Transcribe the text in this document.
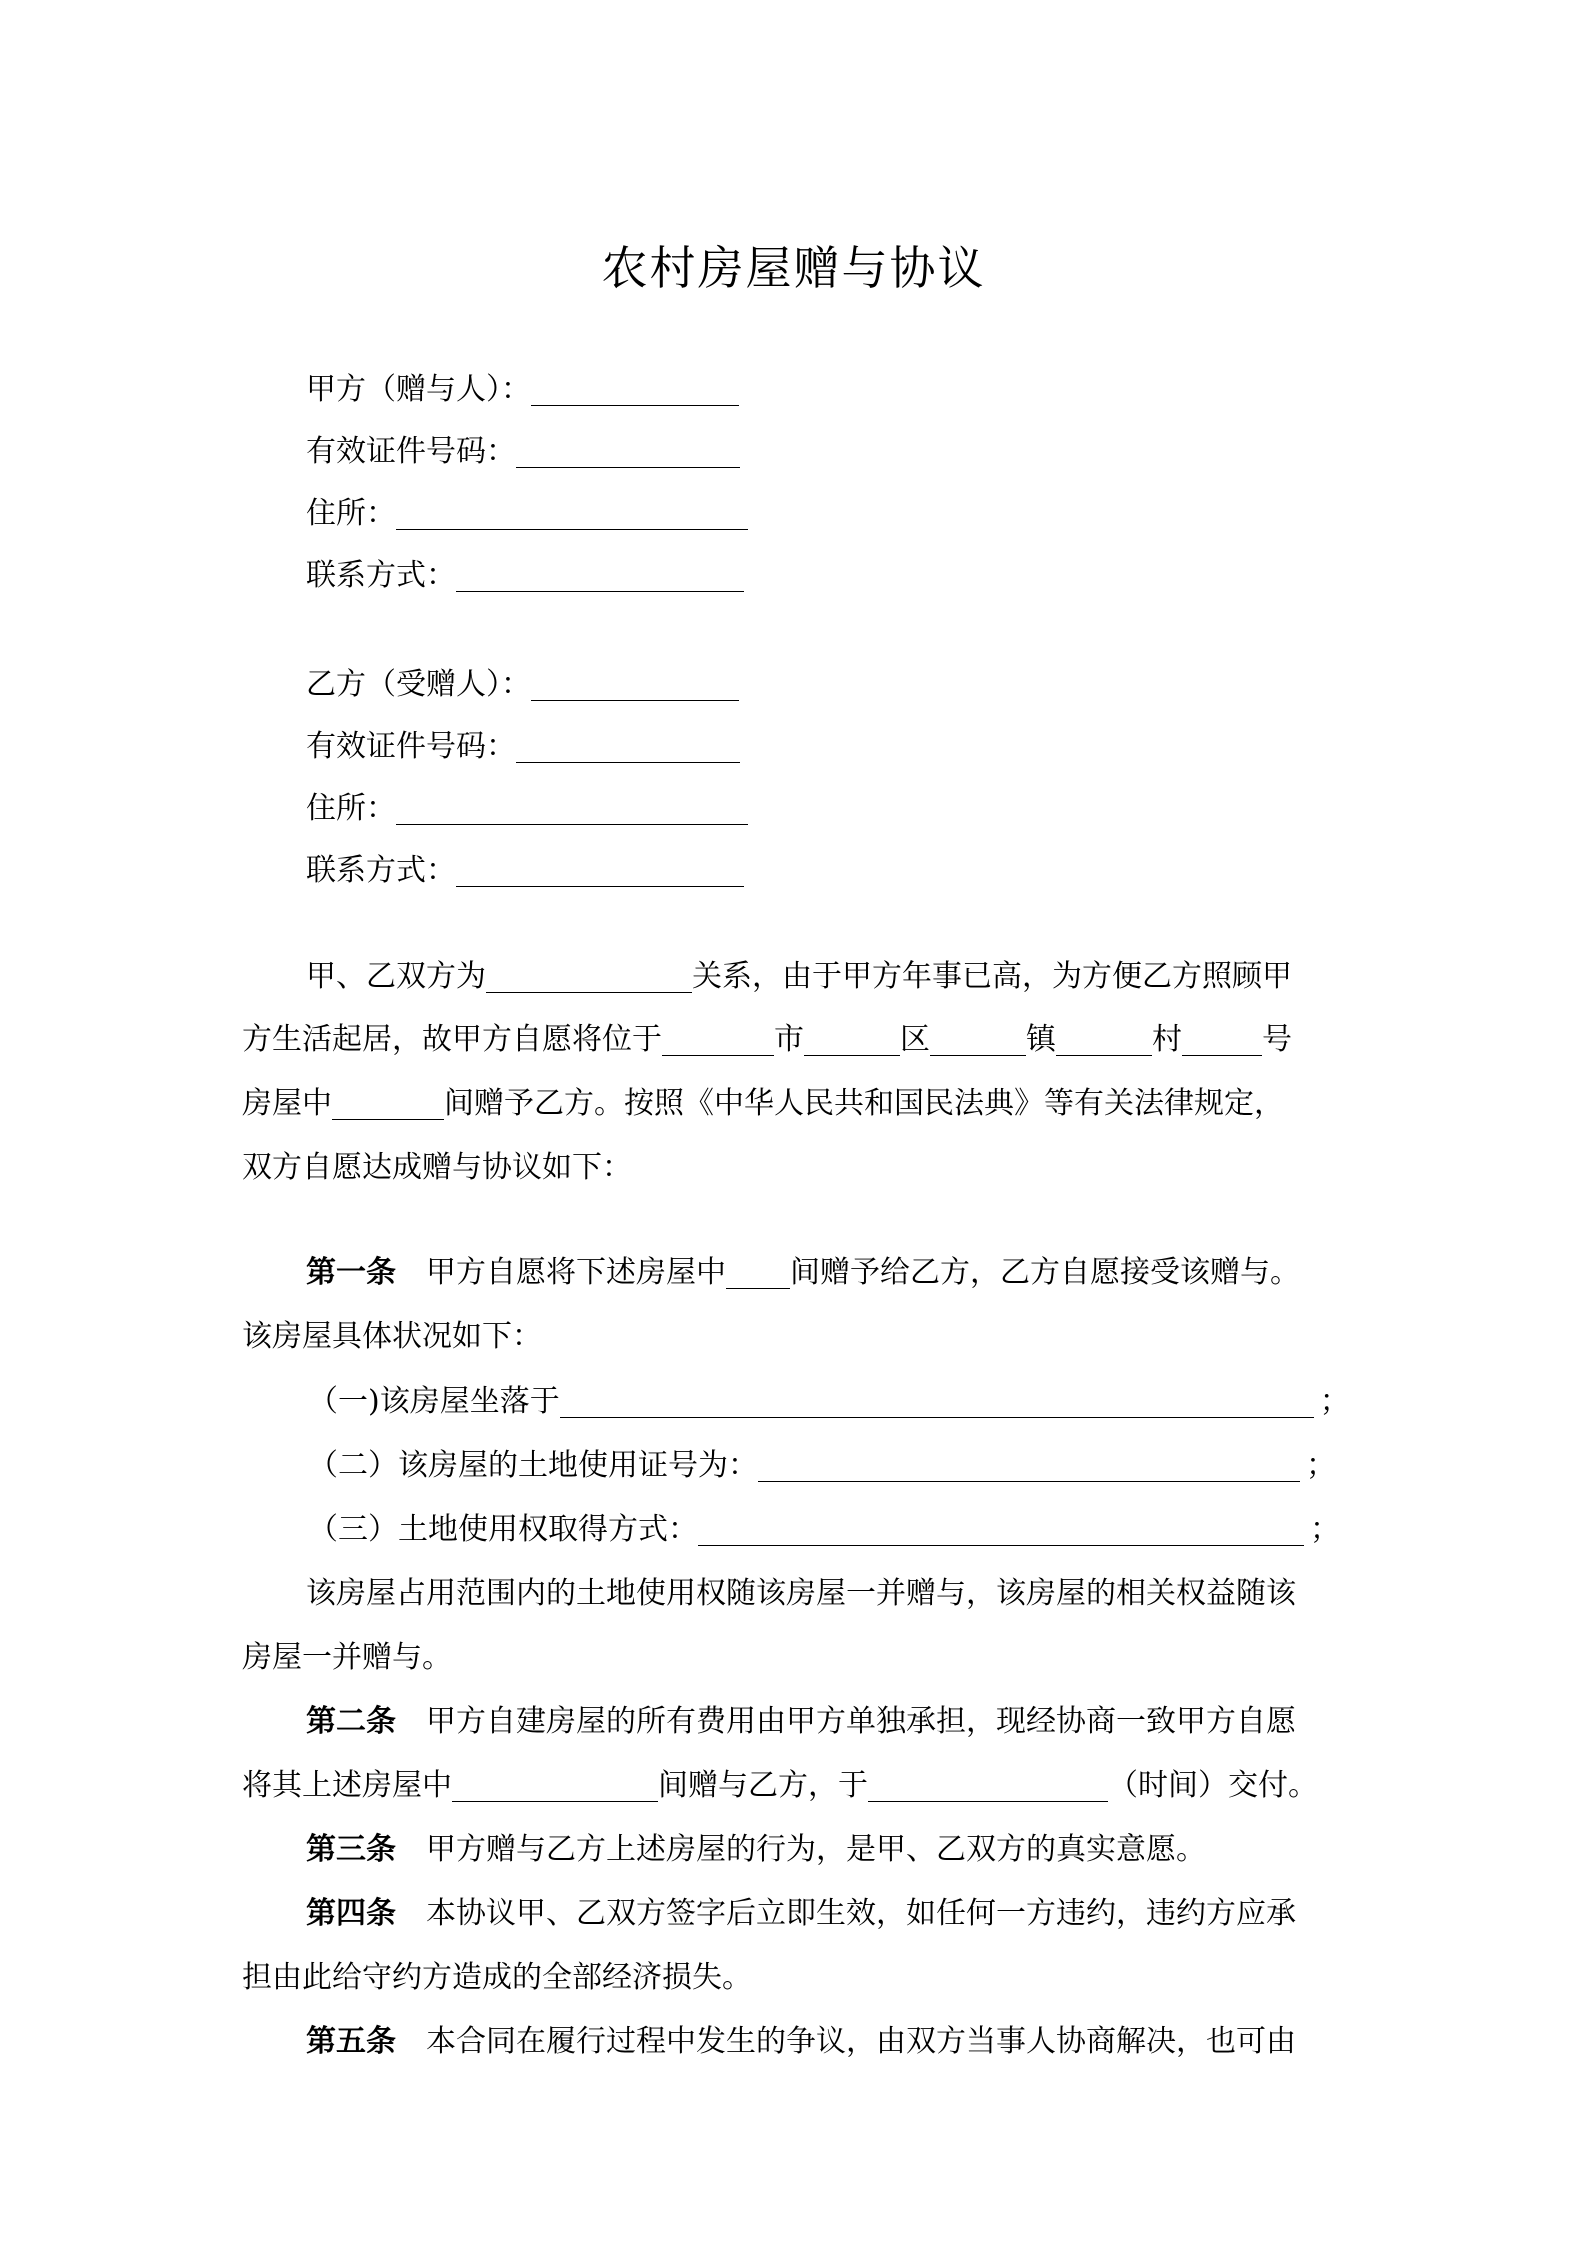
农村房屋赠与协议
甲方（赠与人）：
有效证件号码：
住所：
联系方式：
乙方（受赠人）：
有效证件号码：
住所：
联系方式：
甲、乙双方为	关系，由于甲方年事已高，为方便乙方照顾甲
方生活起居，故甲方自愿将位于	市	区	镇	村	号
房屋中	间赠予乙方。按照《中华人民共和国民法典》等有关法律规定，
双方自愿达成赠与协议如下：
第一条 甲方自愿将下述房屋中 间赠予给乙方，乙方自愿接受该赠与。
该房屋具体状况如下：
（一)该房屋坐落于	；
（二）该房屋的土地使用证号为：	；
（三）土地使用权取得方式：	；
该房屋占用范围内的土地使用权随该房屋一并赠与，该房屋的相关权益随该
房屋一并赠与。
第二条 甲方自建房屋的所有费用由甲方单独承担，现经协商一致甲方自愿
将其上述房屋中	间赠与乙方，于	（时间）交付。
第三条 甲方赠与乙方上述房屋的行为，是甲、乙双方的真实意愿。
第四条 本协议甲、乙双方签字后立即生效，如任何一方违约，违约方应承
担由此给守约方造成的全部经济损失。
第五条 本合同在履行过程中发生的争议，由双方当事人协商解决，也可由
